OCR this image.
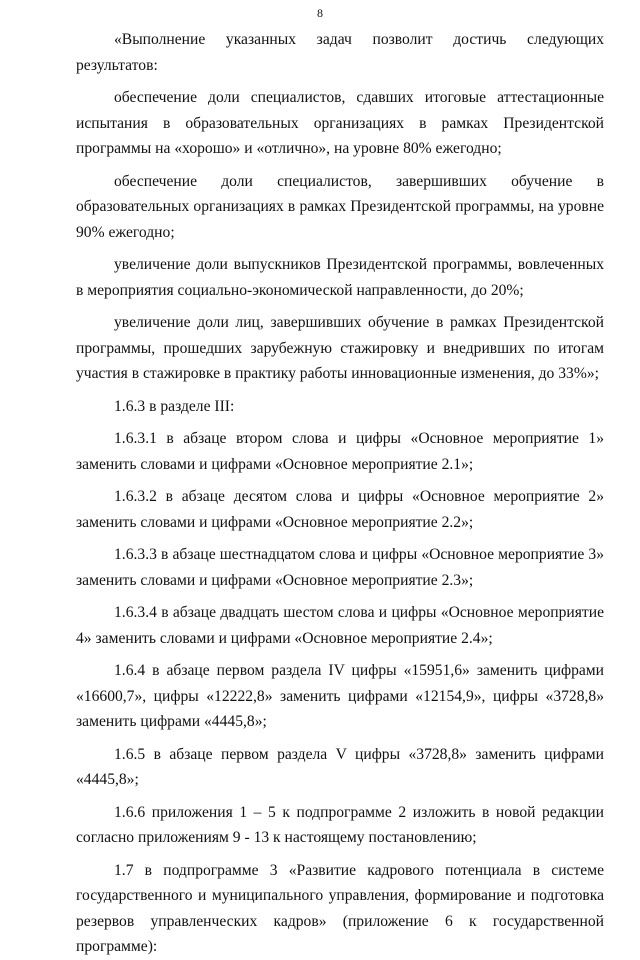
8

«Выполнение указанных задач позволит достичь следующих результатов:

обеспечение доли специалистов, сдавших итоговые аттестационные испытания в образовательных организациях в рамках Президентской программы на «хорошо» и «отлично», на уровне 80% ежегодно;

обеспечение доли специалистов, завершивших обучение в образовательных организациях в рамках Президентской программы, на уровне 90% ежегодно;

увеличение доли выпускников Президентской программы, вовлеченных в мероприятия социально-экономической направленности, до 20%;

увеличение доли лиц, завершивших обучение в рамках Президентской программы, прошедших зарубежную стажировку и внедривших по итогам участия в стажировке в практику работы инновационные изменения, до 33%»;

1.6.3 в разделе III:

1.6.3.1 в абзаце втором слова и цифры «Основное мероприятие 1» заменить словами и цифрами «Основное мероприятие 2.1»;

1.6.3.2 в абзаце десятом слова и цифры «Основное мероприятие 2» заменить словами и цифрами «Основное мероприятие 2.2»;

1.6.3.3 в абзаце шестнадцатом слова и цифры «Основное мероприятие 3» заменить словами и цифрами «Основное мероприятие 2.3»;

1.6.3.4 в абзаце двадцать шестом слова и цифры «Основное мероприятие 4» заменить словами и цифрами «Основное мероприятие 2.4»;

1.6.4 в абзаце первом раздела IV цифры «15951,6» заменить цифрами «16600,7», цифры «12222,8» заменить цифрами «12154,9», цифры «3728,8» заменить цифрами «4445,8»;

1.6.5 в абзаце первом раздела V цифры «3728,8» заменить цифрами «4445,8»;

1.6.6 приложения 1 – 5 к подпрограмме 2 изложить в новой редакции согласно приложениям 9 - 13 к настоящему постановлению;

1.7 в подпрограмме 3 «Развитие кадрового потенциала в системе государственного и муниципального управления, формирование и подготовка резервов управленческих кадров» (приложение 6 к государственной программе):
